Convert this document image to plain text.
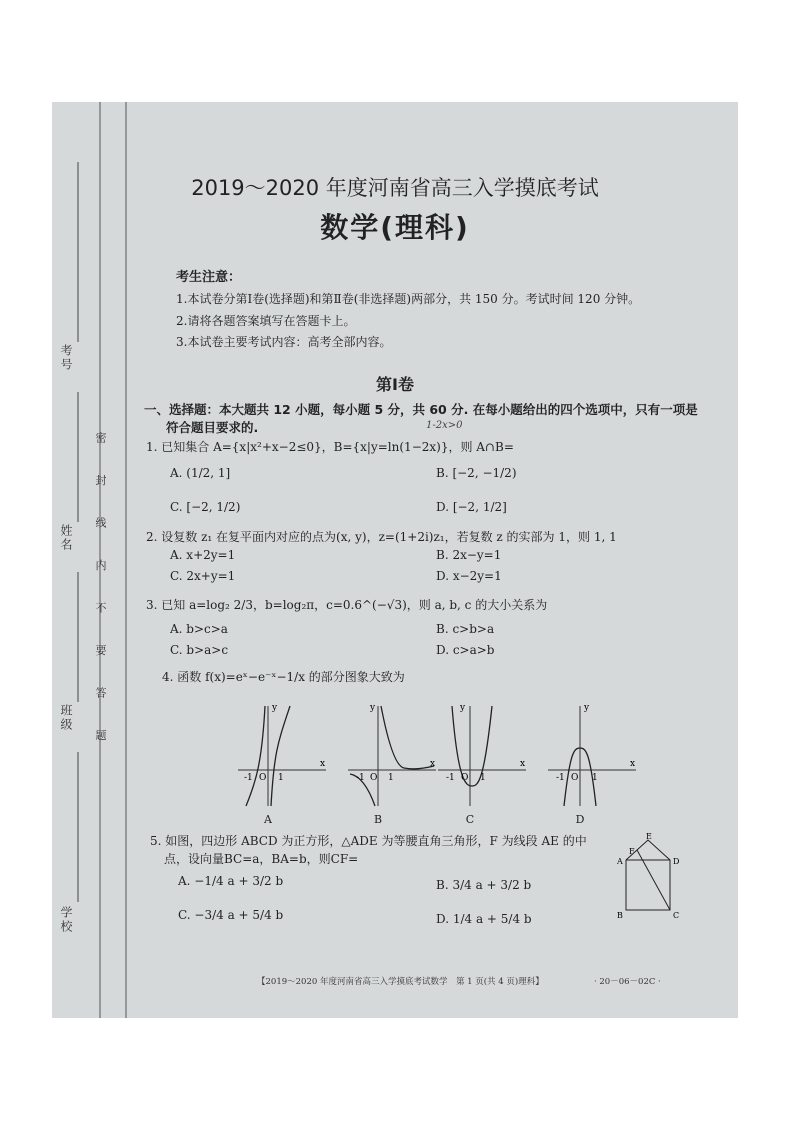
考号
姓名
班级
学校
密 封 线 内 不 要 答 题
2019～2020 年度河南省高三入学摸底考试
数学(理科)
考生注意：
1.本试卷分第Ⅰ卷(选择题)和第Ⅱ卷(非选择题)两部分，共 150 分。考试时间 120 分钟。
2.请将各题答案填写在答题卡上。
3.本试卷主要考试内容：高考全部内容。
第Ⅰ卷
一、选择题：本大题共 12 小题，每小题 5 分，共 60 分. 在每小题给出的四个选项中，只有一项是
符合题目要求的.	1-2x>0
1. 已知集合 A={x|x²+x−2≤0}，B={x|y=ln(1−2x)}，则 A∩B=
A. (1/2, 1]	B. [−2, −1/2)
C. [−2, 1/2)	D. [−2, 1/2]
2. 设复数 z₁ 在复平面内对应的点为(x, y)，z=(1+2i)z₁，若复数 z 的实部为 1，则 1, 1
A. x+2y=1	B. 2x−y=1
C. 2x+y=1	D. x−2y=1
3. 已知 a=log₂ 2/3，b=log₂π，c=0.6^(−√3)，则 a, b, c 的大小关系为
A. b>c>a	B. c>b>a
C. b>a>c	D. c>a>b
4. 函数 f(x)=eˣ−e⁻ˣ−1/x 的部分图象大致为
y
x
-1 O 1
A
y
x
-1 O 1
B
y
x
-1 O 1
C
y
x
-1 O 1
D
5. 如图，四边形 ABCD 为正方形，△ADE 为等腰直角三角形，F 为线段 AE 的中
点，设向量BC=a，BA=b，则CF=
A. −1/4 a + 3/2 b	B. 3/4 a + 3/2 b
C. −3/4 a + 5/4 b	D. 1/4 a + 5/4 b
E
F
A	D
B	C
【2019～2020 年度河南省高三入学摸底考试数学　第 1 页(共 4 页)理科】	· 20－06－02C ·
